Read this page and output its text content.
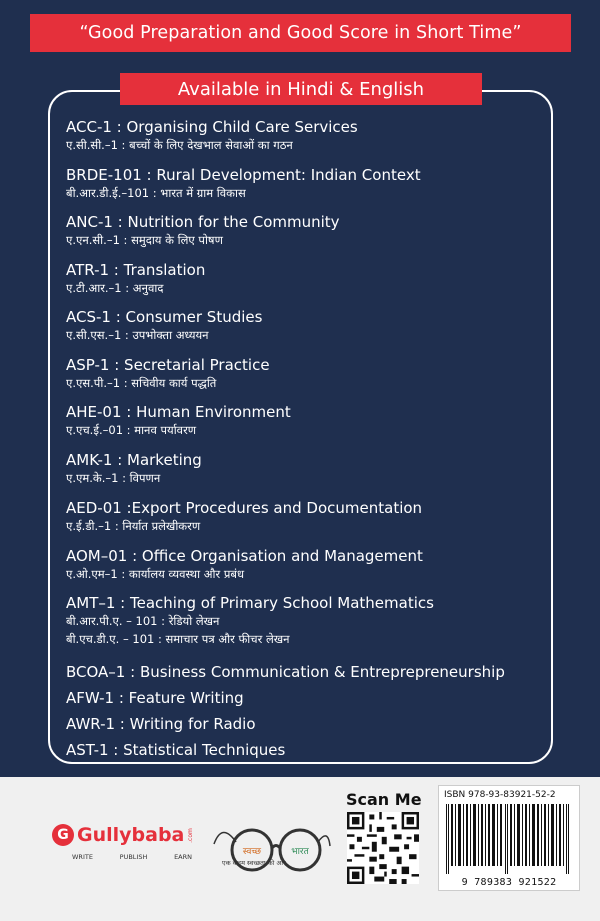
“Good Preparation and Good Score in Short Time”
Available in Hindi & English
ACC-1 : Organising Child Care Services
ए.सी.सी.–1 : बच्चों के लिए देखभाल सेवाओं का गठन
BRDE-101 : Rural Development: Indian Context
बी.आर.डी.ई.–101 : भारत में ग्राम विकास
ANC-1 : Nutrition for the Community
ए.एन.सी.–1 : समुदाय के लिए पोषण
ATR-1 : Translation
ए.टी.आर.–1 : अनुवाद
ACS-1 : Consumer Studies
ए.सी.एस.–1 : उपभोक्ता अध्ययन
ASP-1 : Secretarial Practice
ए.एस.पी.–1 : सचिवीय कार्य पद्धति
AHE-01 : Human Environment
ए.एच.ई.–01 : मानव पर्यावरण
AMK-1 : Marketing
ए.एम.के.–1 : विपणन
AED-01 :Export Procedures and Documentation
ए.ई.डी.–1 : निर्यात प्रलेखीकरण
AOM–01 : Office Organisation and Management
ए.ओ.एम–1 : कार्यालय व्यवस्था और प्रबंध
AMT–1 : Teaching of Primary School Mathematics
बी.आर.पी.ए. – 101 : रेडियो लेखन
बी.एच.डी.ए. – 101 : समाचार पत्र और फीचर लेखन
BCOA–1 : Business Communication & Entreprepreneurship
AFW-1 : Feature Writing
AWR-1 : Writing for Radio
AST-1 : Statistical Techniques
G Gullybaba .com
WRITE	PUBLISH	EARN	स्वच्छ	भारत
एक कदम स्वच्छता की ओर
Scan Me ISBN 978-93-83921-52-2
9 789383 921522
